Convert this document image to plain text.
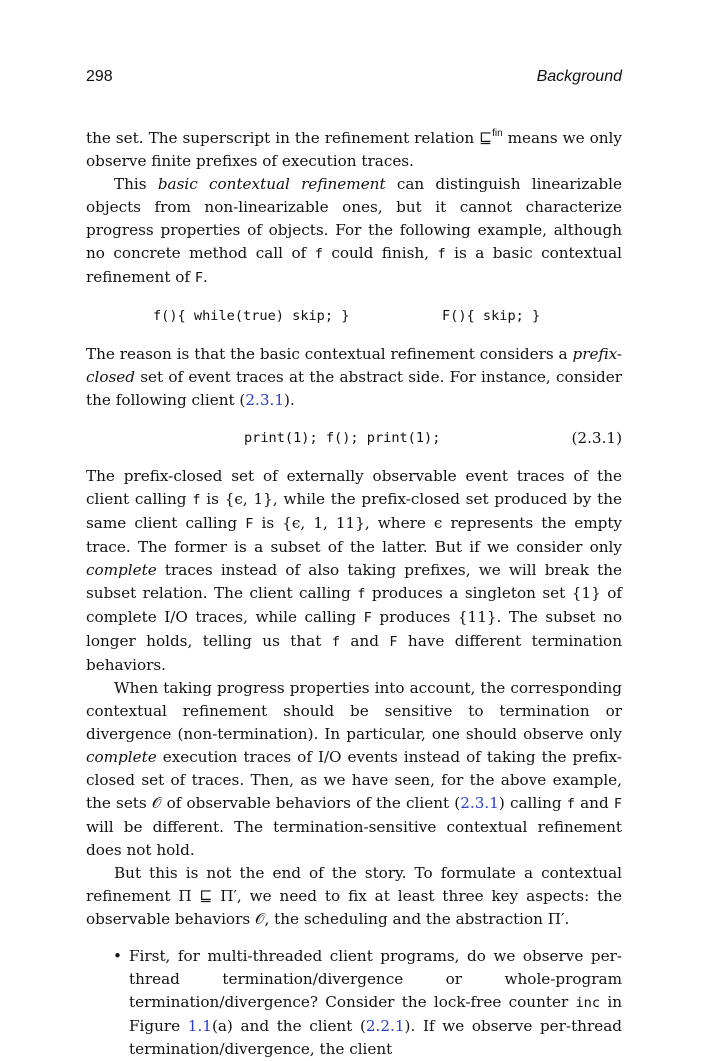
298	Background

the set. The superscript in the refinement relation ⊑$^{fin}$ means we only observe finite prefixes of execution traces.

This basic contextual refinement can distinguish linearizable objects from non-linearizable ones, but it cannot characterize progress properties of objects. For the following example, although no concrete method call of f could finish, f is a basic contextual refinement of F.

f(){ while(true) skip; }	F(){ skip; }

The reason is that the basic contextual refinement considers a prefix-closed set of event traces at the abstract side. For instance, consider the following client (2.3.1).

print(1); f(); print(1);	(2.3.1)

The prefix-closed set of externally observable event traces of the client calling f is {ϵ, 1}, while the prefix-closed set produced by the same client calling F is {ϵ, 1, 11}, where ϵ represents the empty trace. The former is a subset of the latter. But if we consider only complete traces instead of also taking prefixes, we will break the subset relation. The client calling f produces a singleton set {1} of complete I/O traces, while calling F produces {11}. The subset no longer holds, telling us that f and F have different termination behaviors.

When taking progress properties into account, the corresponding contextual refinement should be sensitive to termination or divergence (non-termination). In particular, one should observe only complete execution traces of I/O events instead of taking the prefix-closed set of traces. Then, as we have seen, for the above example, the sets 𝒪 of observable behaviors of the client (2.3.1) calling f and F will be different. The termination-sensitive contextual refinement does not hold.

But this is not the end of the story. To formulate a contextual refinement Π ⊑ Π′, we need to fix at least three key aspects: the observable behaviors 𝒪, the scheduling and the abstraction Π′.

• First, for multi-threaded client programs, do we observe per-thread termination/divergence or whole-program termination/divergence? Consider the lock-free counter inc in Figure 1.1(a) and the client (2.2.1). If we observe per-thread termination/divergence, the client
